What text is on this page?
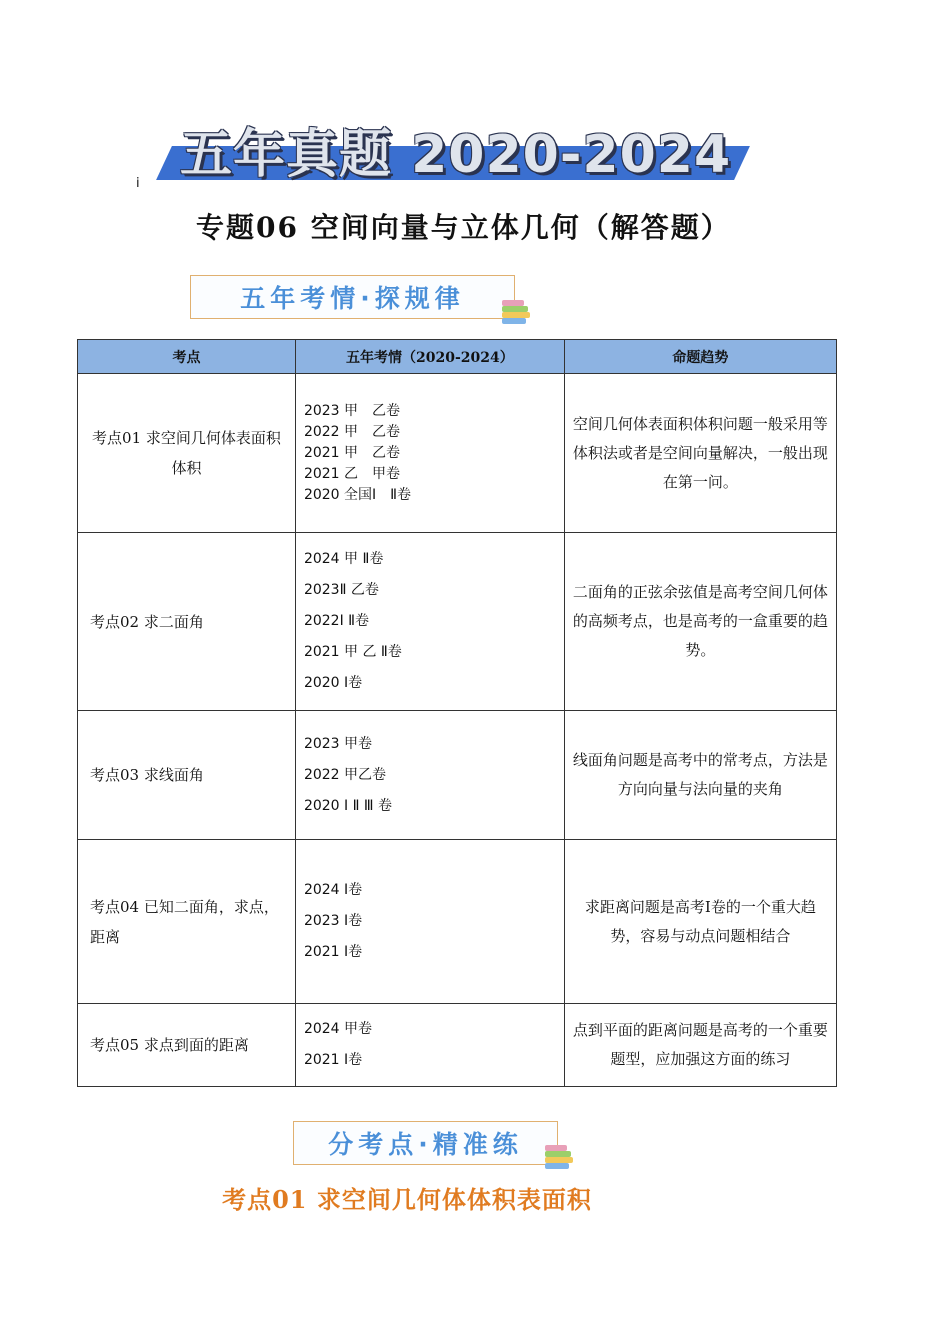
五年真题 2020-2024
i
专题06 空间向量与立体几何（解答题）
五年考情·探规律
考点	五年考情（2020-2024）	命题趋势
考点01 求空间几何体表面积体积	2023 甲　乙卷
2022 甲　乙卷
2021 甲　乙卷
2021 乙　甲卷
2020 全国Ⅰ　Ⅱ卷	空间几何体表面积体积问题一般采用等体积法或者是空间向量解决，一般出现在第一问。
考点02 求二面角	2024 甲 Ⅱ卷
2023Ⅱ 乙卷
2022Ⅰ Ⅱ卷
2021 甲 乙 Ⅱ卷
2020 Ⅰ卷	二面角的正弦余弦值是高考空间几何体的高频考点，也是高考的一盒重要的趋势。
考点03 求线面角	2023 甲卷
2022 甲乙卷
2020 Ⅰ Ⅱ Ⅲ 卷	线面角问题是高考中的常考点，方法是方向向量与法向量的夹角
考点04 已知二面角，求点，距离	2024 Ⅰ卷
2023 Ⅰ卷
2021 Ⅰ卷	求距离问题是高考Ⅰ卷的一个重大趋势，容易与动点问题相结合
考点05 求点到面的距离	2024 甲卷
2021 Ⅰ卷	点到平面的距离问题是高考的一个重要题型，应加强这方面的练习
分考点·精准练
考点01 求空间几何体体积表面积
